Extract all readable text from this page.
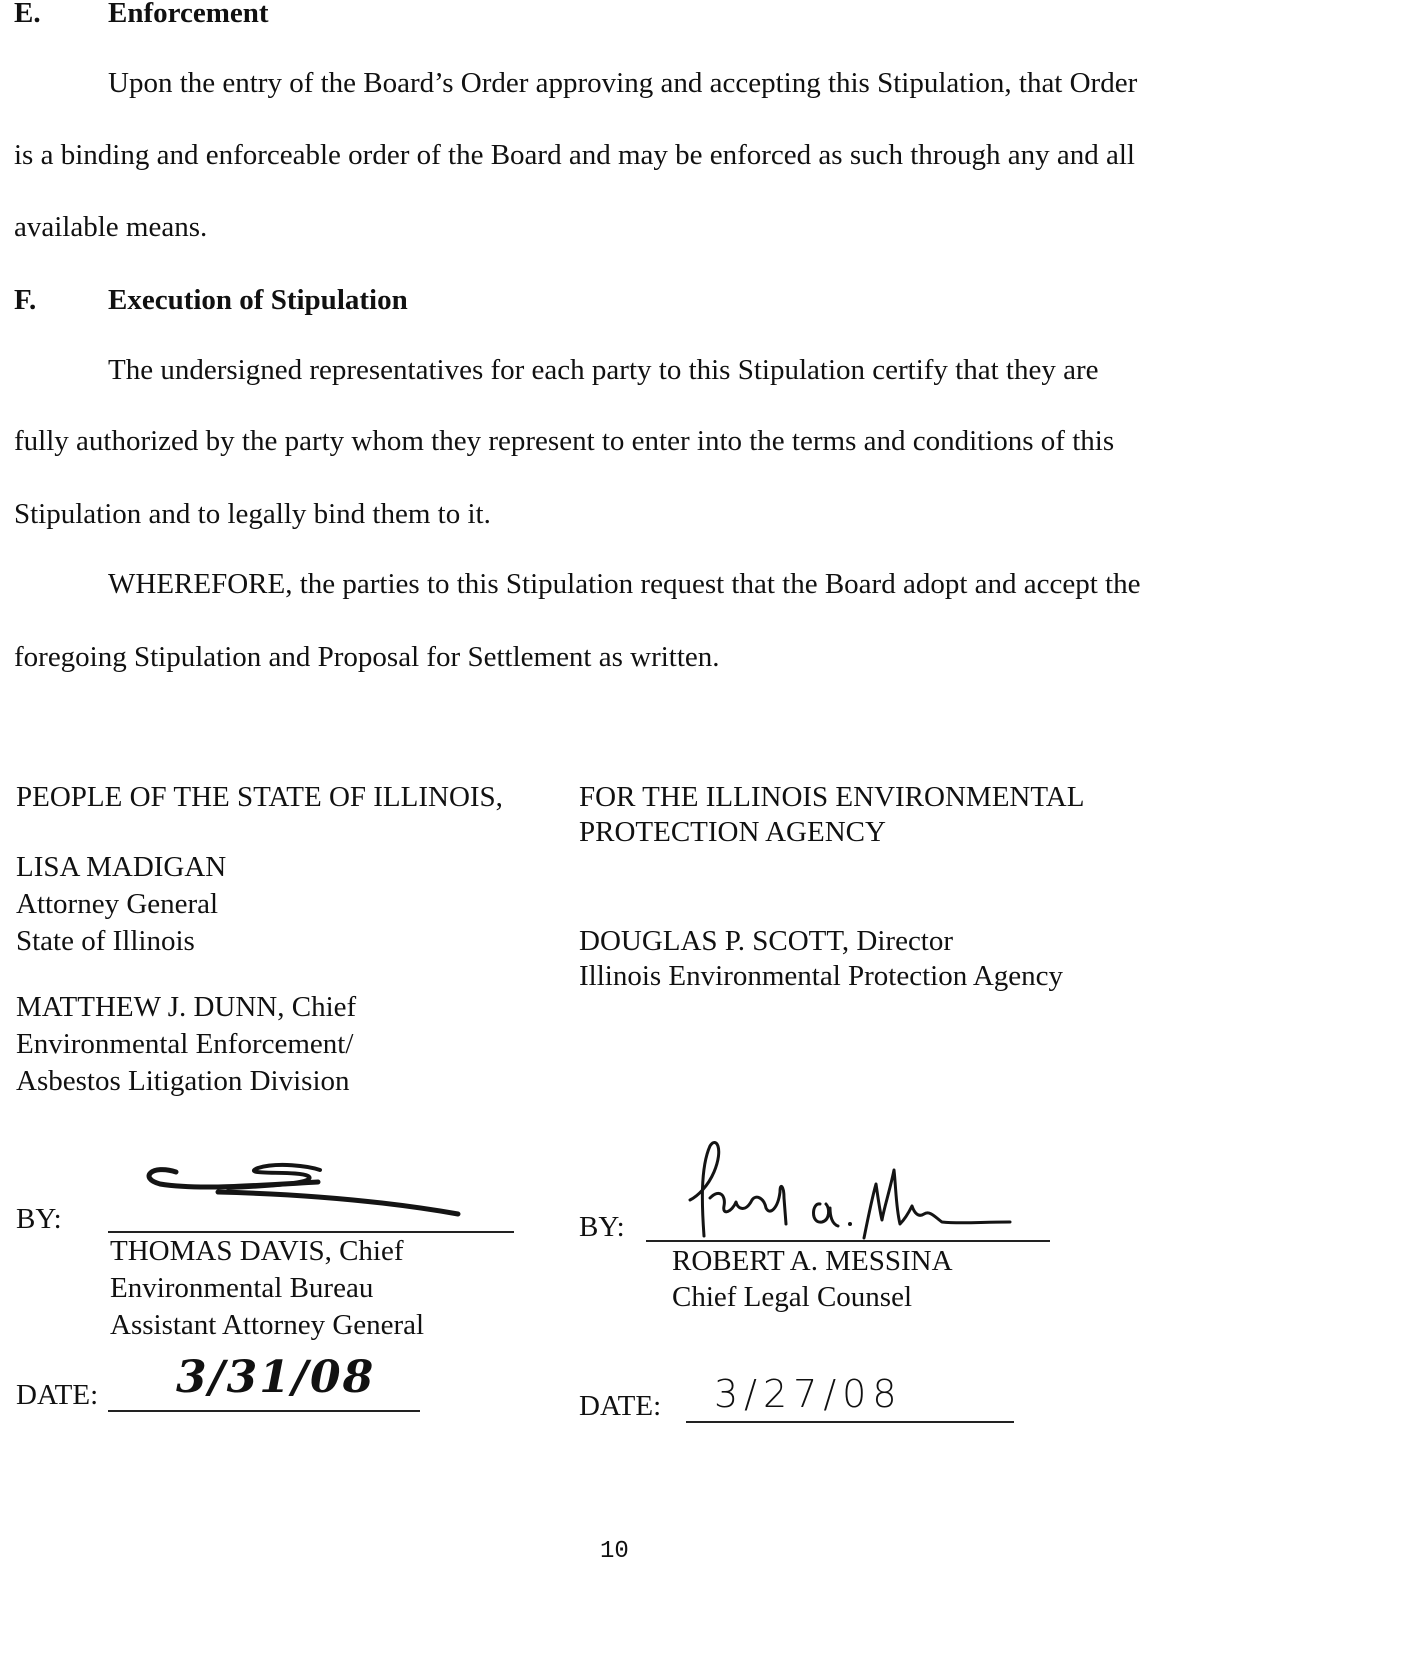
E. Enforcement
Upon the entry of the Board’s Order approving and accepting this Stipulation, that Order
is a binding and enforceable order of the Board and may be enforced as such through any and all
available means.
F. Execution of Stipulation
The undersigned representatives for each party to this Stipulation certify that they are
fully authorized by the party whom they represent to enter into the terms and conditions of this
Stipulation and to legally bind them to it.
WHEREFORE, the parties to this Stipulation request that the Board adopt and accept the
foregoing Stipulation and Proposal for Settlement as written.
PEOPLE OF THE STATE OF ILLINOIS,
LISA MADIGAN
Attorney General
State of Illinois
MATTHEW J. DUNN, Chief
Environmental Enforcement/
Asbestos Litigation Division
BY:
THOMAS DAVIS, Chief
Environmental Bureau
Assistant Attorney General
DATE: 3/31/08
FOR THE ILLINOIS ENVIRONMENTAL
PROTECTION AGENCY
DOUGLAS P. SCOTT, Director
Illinois Environmental Protection Agency
BY:
ROBERT A. MESSINA
Chief Legal Counsel
DATE: 3/27/08
10
